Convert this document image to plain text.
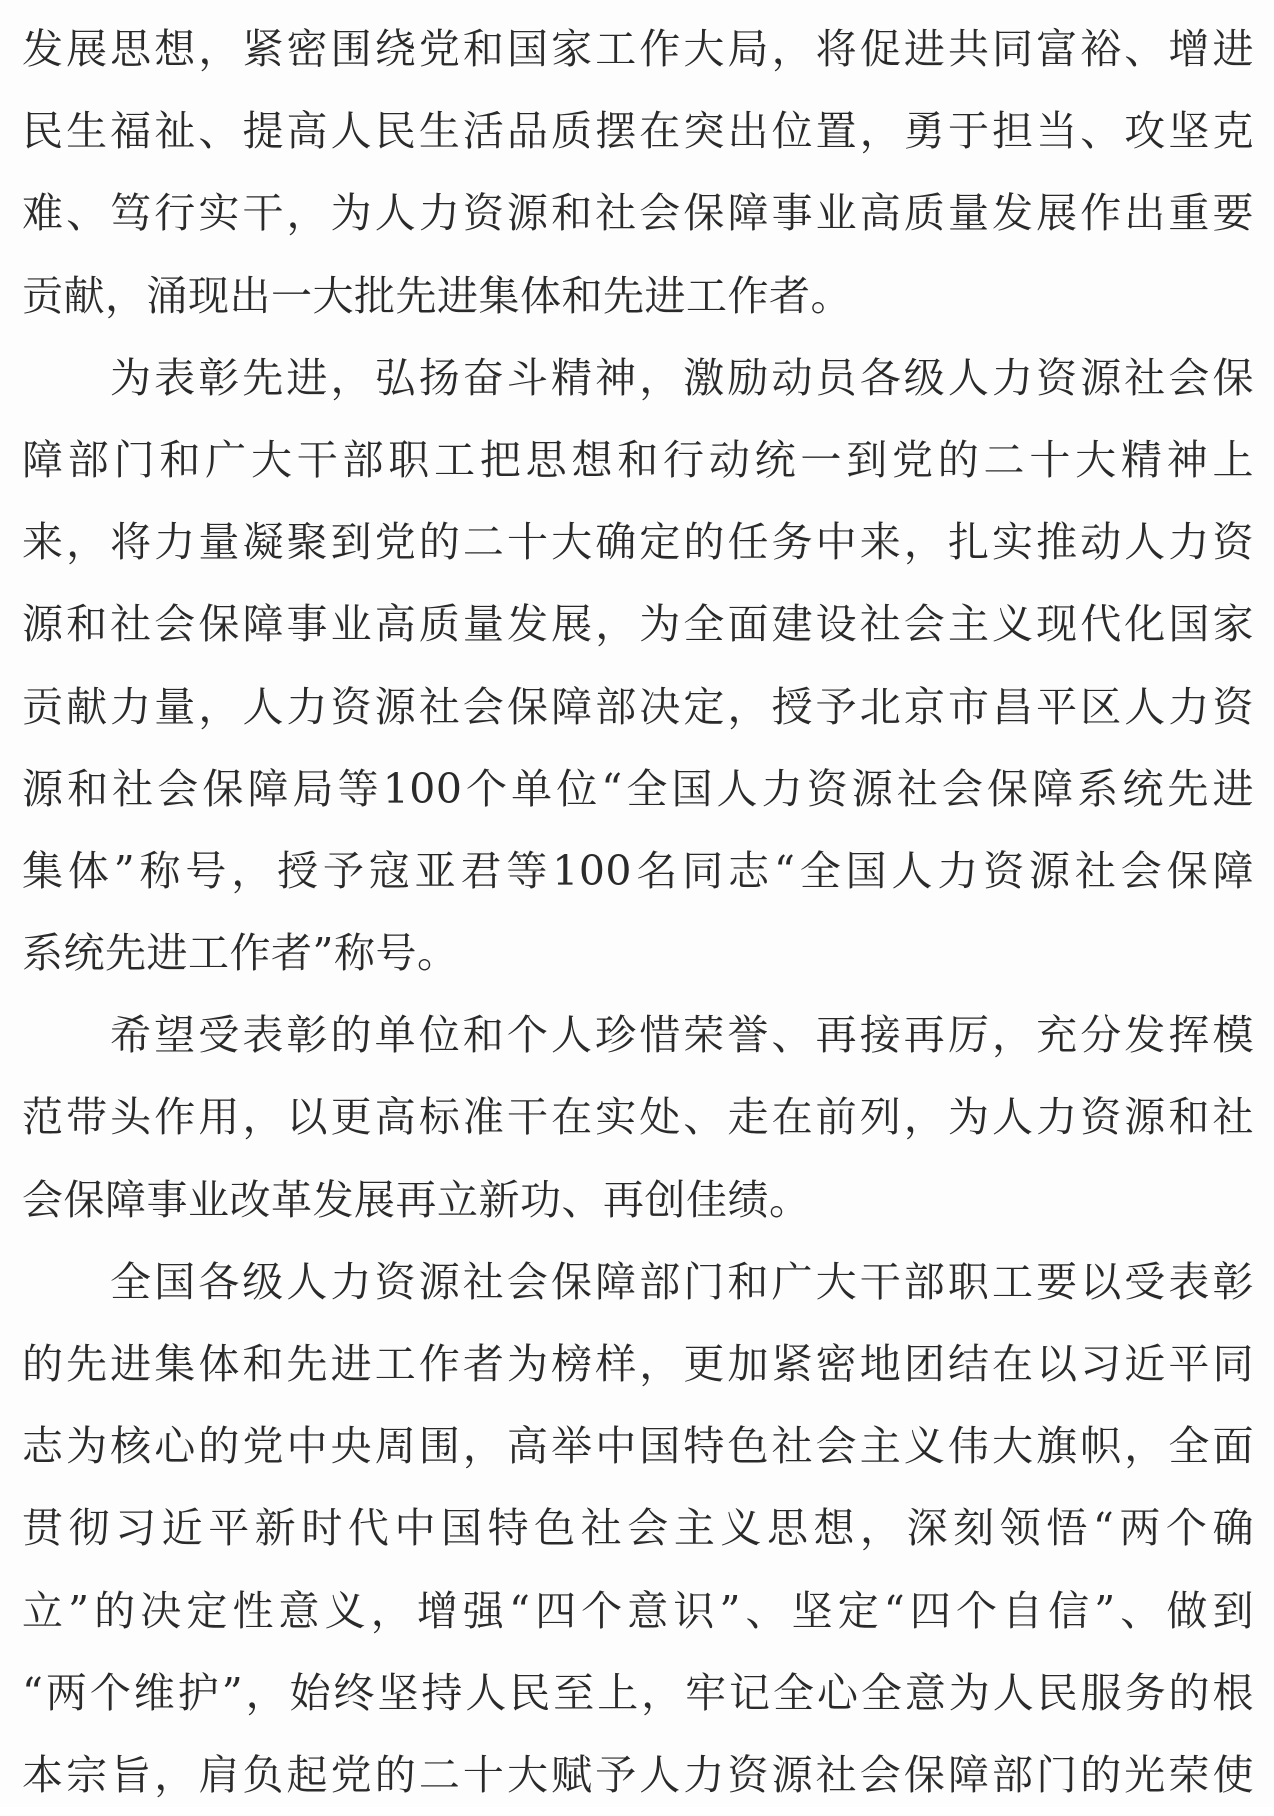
发展思想，紧密围绕党和国家工作大局，将促进共同富裕、增进
民生福祉、提高人民生活品质摆在突出位置，勇于担当、攻坚克
难、笃行实干，为人力资源和社会保障事业高质量发展作出重要
贡献，涌现出一大批先进集体和先进工作者。
为表彰先进，弘扬奋斗精神，激励动员各级人力资源社会保
障部门和广大干部职工把思想和行动统一到党的二十大精神上
来，将力量凝聚到党的二十大确定的任务中来，扎实推动人力资
源和社会保障事业高质量发展，为全面建设社会主义现代化国家
贡献力量，人力资源社会保障部决定，授予北京市昌平区人力资
源和社会保障局等100个单位“全国人力资源社会保障系统先进
集体”称号，授予寇亚君等100名同志“全国人力资源社会保障
系统先进工作者”称号。
希望受表彰的单位和个人珍惜荣誉、再接再厉，充分发挥模
范带头作用，以更高标准干在实处、走在前列，为人力资源和社
会保障事业改革发展再立新功、再创佳绩。
全国各级人力资源社会保障部门和广大干部职工要以受表彰
的先进集体和先进工作者为榜样，更加紧密地团结在以习近平同
志为核心的党中央周围，高举中国特色社会主义伟大旗帜，全面
贯彻习近平新时代中国特色社会主义思想，深刻领悟“两个确
立”的决定性意义，增强“四个意识”、坚定“四个自信”、做到
“两个维护”，始终坚持人民至上，牢记全心全意为人民服务的根
本宗旨，肩负起党的二十大赋予人力资源社会保障部门的光荣使
